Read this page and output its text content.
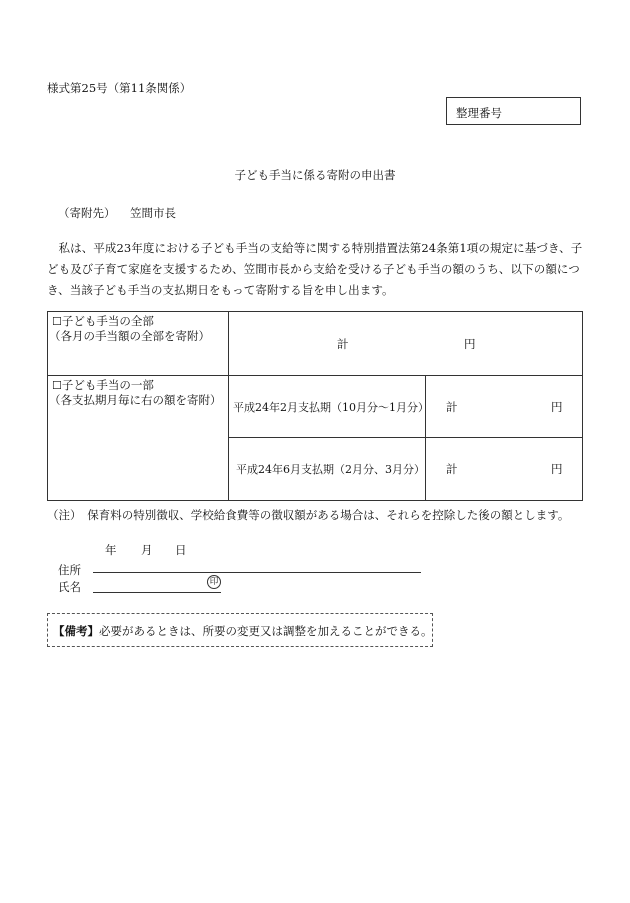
様式第25号（第11条関係）
整理番号
子ども手当に係る寄附の申出書
（寄附先） 笠間市長
私は、平成23年度における子ども手当の支給等に関する特別措置法第24条第1項の規定に基づき、子ども及び子育て家庭を支援するため、笠間市長から支給を受ける子ども手当の額のうち、以下の額につき、当該子ども手当の支払期日をもって寄附する旨を申し出ます。
☐子ども手当の全部
（各月の手当額の全部を寄附）
計	円
☐子ども手当の一部
（各支払期月毎に右の額を寄附）
平成24年2月支払期（10月分～1月分） 計	円
平成24年6月支払期（2月分、3月分） 計	円
（注）　保育料の特別徴収、学校給食費等の徴収額がある場合は、それらを控除した後の額とします。
年 月 日
住所
氏名	印
【備考】必要があるときは、所要の変更又は調整を加えることができる。
